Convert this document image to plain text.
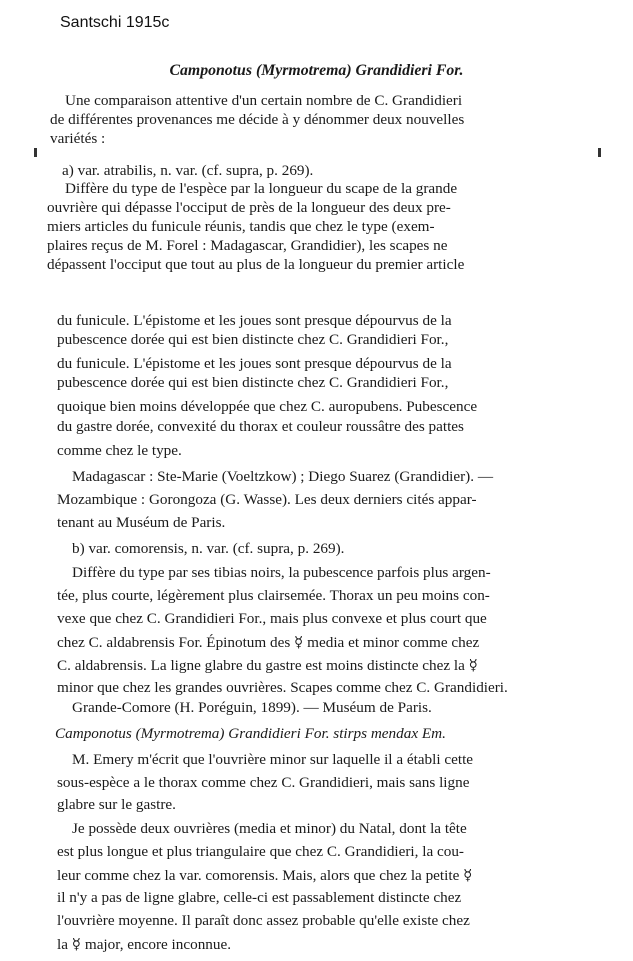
Santschi 1915c
Camponotus (Myrmotrema) Grandidieri For.
Une comparaison attentive d'un certain nombre de C. Grandidieri
de différentes provenances me décide à y dénommer deux nouvelles
variétés :
a) var. atrabilis, n. var. (cf. supra, p. 269).
Diffère du type de l'espèce par la longueur du scape de la grande
ouvrière qui dépasse l'occiput de près de la longueur des deux pre-
miers articles du funicule réunis, tandis que chez le type (exem-
plaires reçus de M. Forel : Madagascar, Grandidier), les scapes ne
dépassent l'occiput que tout au plus de la longueur du premier article
du funicule. L'épistome et les joues sont presque dépourvus de la
pubescence dorée qui est bien distincte chez C. Grandidieri For.,
du funicule. L'épistome et les joues sont presque dépourvus de la
pubescence dorée qui est bien distincte chez C. Grandidieri For.,
quoique bien moins développée que chez C. auropubens. Pubescence
du gastre dorée, convexité du thorax et couleur roussâtre des pattes
comme chez le type.
Madagascar : Ste-Marie (Voeltzkow) ; Diego Suarez (Grandidier). —
Mozambique : Gorongoza (G. Wasse). Les deux derniers cités appar-
tenant au Muséum de Paris.
b) var. comorensis, n. var. (cf. supra, p. 269).
Diffère du type par ses tibias noirs, la pubescence parfois plus argen-
tée, plus courte, légèrement plus clairsemée. Thorax un peu moins con-
vexe que chez C. Grandidieri For., mais plus convexe et plus court que
chez C. aldabrensis For. Épinotum des ☿ media et minor comme chez
C. aldabrensis. La ligne glabre du gastre est moins distincte chez la ☿
minor que chez les grandes ouvrières. Scapes comme chez C. Grandidieri.
Grande-Comore (H. Poréguin, 1899). — Muséum de Paris.
Camponotus (Myrmotrema) Grandidieri For. stirps mendax Em.
M. Emery m'écrit que l'ouvrière minor sur laquelle il a établi cette
sous-espèce a le thorax comme chez C. Grandidieri, mais sans ligne
glabre sur le gastre.
Je possède deux ouvrières (media et minor) du Natal, dont la tête
est plus longue et plus triangulaire que chez C. Grandidieri, la cou-
leur comme chez la var. comorensis. Mais, alors que chez la petite ☿
il n'y a pas de ligne glabre, celle-ci est passablement distincte chez
l'ouvrière moyenne. Il paraît donc assez probable qu'elle existe chez
la ☿ major, encore inconnue.
